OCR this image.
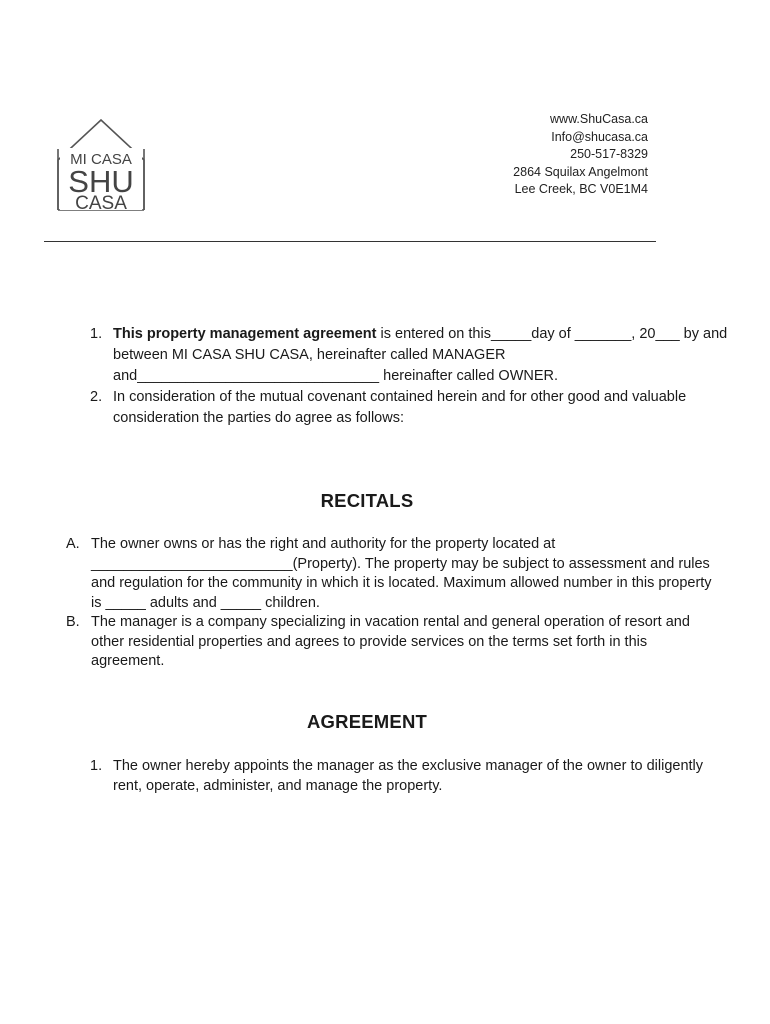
MI CASA
SHU
CASA
www.ShuCasa.ca
Info@shucasa.ca
250-517-8329
2864 Squilax Angelmont
Lee Creek, BC V0E1M4
1. This property management agreement is entered on this_____day of _______, 20___ by and between MI CASA SHU CASA, hereinafter called MANAGER and______________________________ hereinafter called OWNER.
2. In consideration of the mutual covenant contained herein and for other good and valuable consideration the parties do agree as follows:
RECITALS
A. The owner owns or has the right and authority for the property located at _________________________(Property). The property may be subject to assessment and rules and regulation for the community in which it is located. Maximum allowed number in this property is _____ adults and _____ children.
B. The manager is a company specializing in vacation rental and general operation of resort and other residential properties and agrees to provide services on the terms set forth in this agreement.
AGREEMENT
1. The owner hereby appoints the manager as the exclusive manager of the owner to diligently rent, operate, administer, and manage the property.
